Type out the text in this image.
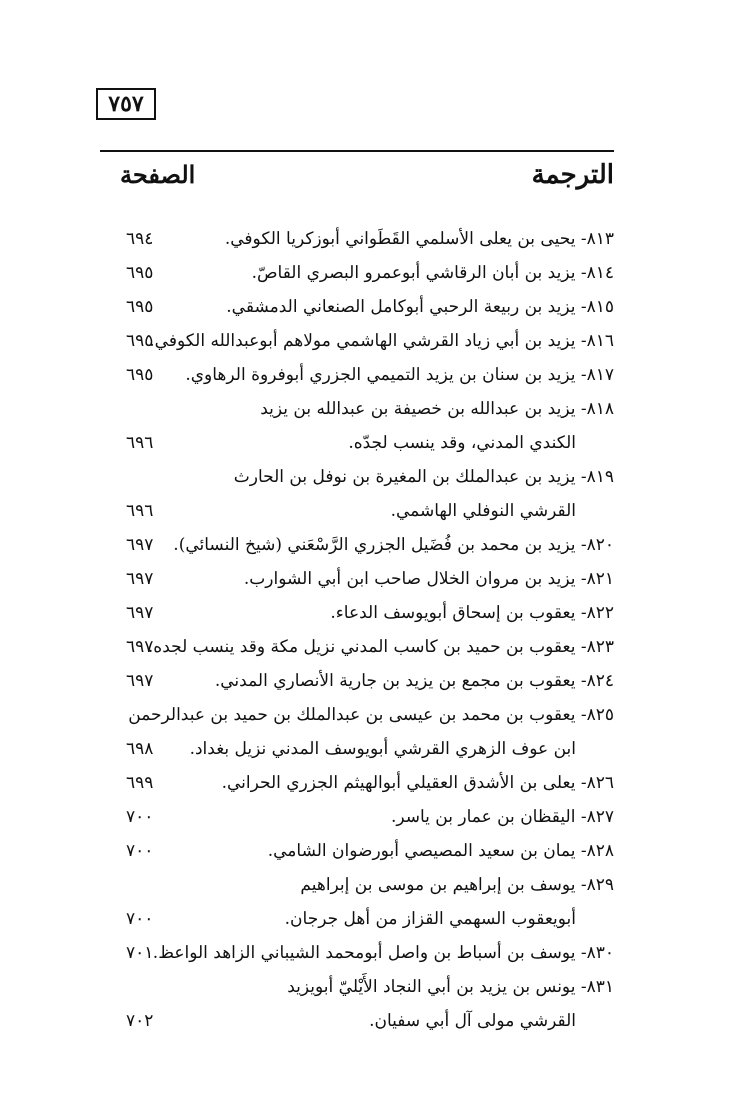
٧٥٧
الترجمة
الصفحة
٨١٣- يحيى بن يعلى الأسلمي القَطَواني أبوزكريا الكوفي.
٦٩٤
٨١٤- يزيد بن أبان الرقاشي أبوعمرو البصري القاصّ.
٦٩٥
٨١٥- يزيد بن ربيعة الرحبي أبوكامل الصنعاني الدمشقي.
٦٩٥
٨١٦- يزيد بن أبي زياد القرشي الهاشمي مولاهم أبوعبدالله الكوفي.
٦٩٥
٨١٧- يزيد بن سنان بن يزيد التميمي الجزري أبوفروة الرهاوي.
٦٩٥
٨١٨- يزيد بن عبدالله بن خصيفة بن عبدالله بن يزيد
الكندي المدني، وقد ينسب لجدّه.
٦٩٦
٨١٩- يزيد بن عبدالملك بن المغيرة بن نوفل بن الحارث
القرشي النوفلي الهاشمي.
٦٩٦
٨٢٠- يزيد بن محمد بن فُضَيل الجزري الرَّسْعَني (شيخ النسائي).
٦٩٧
٨٢١- يزيد بن مروان الخلال صاحب ابن أبي الشوارب.
٦٩٧
٨٢٢- يعقوب بن إسحاق أبويوسف الدعاء.
٦٩٧
٨٢٣- يعقوب بن حميد بن كاسب المدني نزيل مكة وقد ينسب لجده.
٦٩٧
٨٢٤- يعقوب بن مجمع بن يزيد بن جارية الأنصاري المدني.
٦٩٧
٨٢٥- يعقوب بن محمد بن عيسى بن عبدالملك بن حميد بن عبدالرحمن
ابن عوف الزهري القرشي أبويوسف المدني نزيل بغداد.
٦٩٨
٨٢٦- يعلى بن الأشدق العقيلي أبوالهيثم الجزري الحراني.
٦٩٩
٨٢٧- اليقظان بن عمار بن ياسر.
٧٠٠
٨٢٨- يمان بن سعيد المصيصي أبورضوان الشامي.
٧٠٠
٨٢٩- يوسف بن إبراهيم بن موسى بن إبراهيم
أبويعقوب السهمي القزاز من أهل جرجان.
٧٠٠
٨٣٠- يوسف بن أسباط بن واصل أبومحمد الشيباني الزاهد الواعظ.
٧٠١
٨٣١- يونس بن يزيد بن أبي النجاد الأَيْليّ أبويزيد
القرشي مولى آل أبي سفيان.
٧٠٢
